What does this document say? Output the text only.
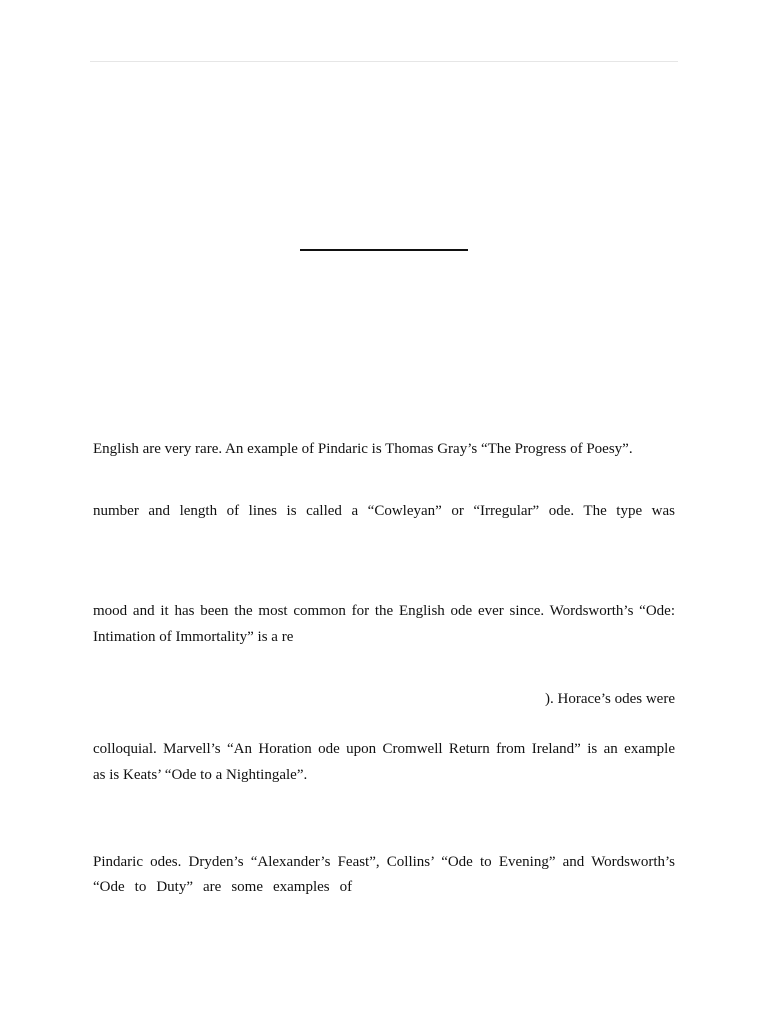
English are very rare. An example of Pindaric is Thomas Gray’s “The Progress of Poesy”.
number and length of lines is called a “Cowleyan” or “Irregular” ode. The type was
mood and it has been the most common for the English ode ever since. Wordsworth’s “Ode:
Intimation of Immortality” is a re
). Horace’s odes were
colloquial. Marvell’s “An Horation ode upon Cromwell Return from Ireland” is an example
as is Keats’ “Ode to a Nightingale”.
Pindaric odes. Dryden’s “Alexander’s Feast”, Collins’ “Ode to Evening” and Wordsworth’s
“Ode to Duty” are some examples of
